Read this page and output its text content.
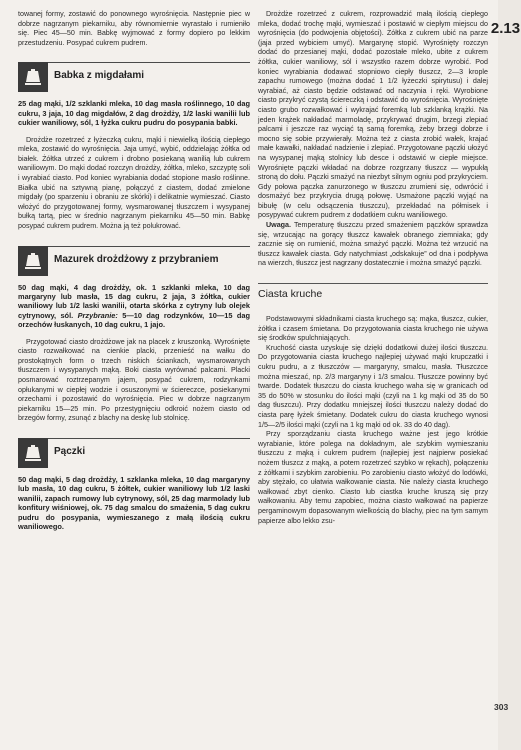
2.13

towanej formy, zostawić do ponownego wyrośnięcia. Następnie piec w dobrze nagrzanym piekarniku, aby równomiernie wyrastało i rumieniło się. Piec 45—50 min. Babkę wyjmować z formy dopiero po lekkim przestudzeniu. Posypać cukrem pudrem.

Babka z migdałami

25 dag mąki, 1/2 szklanki mleka, 10 dag masła roślinnego, 10 dag cukru, 3 jaja, 10 dag migdałów, 2 dag drożdży, 1/2 laski wanilii lub cukier waniliowy, sól, 1 łyżka cukru pudru do posypania babki.

Drożdże rozetrzeć z łyżeczką cukru, mąki i niewielką ilością ciepłego mleka, zostawić do wyrośnięcia. Jaja umyć, wybić, oddzielając żółtka od białek. Żółtka utrzeć z cukrem i drobno posiekaną wanilią lub cukrem waniliowym. Do mąki dodać rozczyn drożdży, żółtka, mleko, szczyptę soli i wyrabiać ciasto. Pod koniec wyrabiania dodać stopione masło roślinne. Białka ubić na sztywną pianę, połączyć z ciastem, dodać zmielone migdały (po sparzeniu i obraniu ze skórki) i delikatnie wymieszać. Ciasto włożyć do przygotowanej formy, wysmarowanej tłuszczem i wysypanej bułką tartą, piec w średnio nagrzanym piekarniku 45—50 min. Babkę posypać cukrem pudrem. Można ją też polukrować.

Mazurek drożdżowy z przybraniem

50 dag mąki, 4 dag drożdży, ok. 1 szklanki mleka, 10 dag margaryny lub masła, 15 dag cukru, 2 jaja, 3 żółtka, cukier waniliowy lub 1/2 laski wanilii, otarta skórka z cytryny lub olejek cytrynowy, sól. Przybranie: 5—10 dag rodzynków, 10—15 dag orzechów łuskanych, 10 dag cukru, 1 jajo.

Przygotować ciasto drożdżowe jak na placek z kruszonką. Wyrośnięte ciasto rozwałkować na cienkie placki, przenieść na wałku do prostokątnych form o trzech niskich ściankach, wysmarowanych tłuszczem i wysypanych mąką. Boki ciasta wyrównać palcami. Placki posmarować roztrzepanym jajem, posypać cukrem, rodzynkami opłukanymi w ciepłej wodzie i osuszonymi w ściereczce, posiekanymi orzechami i pozostawić do wyrośnięcia. Piec w dobrze nagrzanym piekarniku 15—25 min. Po przestygnięciu odkroić nożem ciasto od brzegów formy, zsunąć z blachy na deskę lub stolnicę.

Pączki

50 dag mąki, 5 dag drożdży, 1 szklanka mleka, 10 dag margaryny lub masła, 10 dag cukru, 5 żółtek, cukier waniliowy lub 1/2 laski wanilii, zapach rumowy lub cytrynowy, sól, 25 dag marmolady lub konfitury wiśniowej, ok. 75 dag smalcu do smażenia, 5 dag cukru pudru do posypania, wymieszanego z małą ilością cukru waniliowego.

Drożdże rozetrzeć z cukrem, rozprowadzić małą ilością ciepłego mleka, dodać trochę mąki, wymieszać i postawić w ciepłym miejscu do wyrośnięcia (do podwojenia objętości). Żółtka z cukrem ubić na parze (jaja przed wybiciem umyć). Margarynę stopić. Wyrośnięty rozczyn dodać do przesianej mąki, dodać pozostałe mleko, ubite z cukrem żółtka, cukier waniliowy, sól i wszystko razem dobrze wyrobić. Pod koniec wyrabiania dodawać stopniowo ciepły tłuszcz, 2—3 krople zapachu rumowego (można dodać 1 1/2 łyżeczki spirytusu) i dalej wyrabiać, aż ciasto będzie odstawać od naczynia i ręki. Wyrobione ciasto przykryć czystą ściereczką i odstawić do wyrośnięcia. Wyrośnięte ciasto grubo rozwałkować i wykrajać foremką lub szklanką krążki. Na jeden krążek nakładać marmoladę, przykrywać drugim, brzegi zlepiać palcami i jeszcze raz wyciąć tą samą foremką, żeby brzegi dobrze i mocno się sobie przywierały. Można też z ciasta zrobić wałek, krajać małe kawałki, nakładać nadzienie i zlepiać. Przygotowane pączki ułożyć na wysypanej mąką stolnicy lub desce i odstawić w ciepłe miejsce. Wyrośnięte pączki wkładać na dobrze rozgrzany tłuszcz — wypukłą stroną do dołu. Pączki smażyć na niezbyt silnym ogniu pod przykryciem. Gdy połowa pączka zanurzonego w tłuszczu zrumieni się, odwrócić i dosmażyć bez przykrycia drugą połowę. Usmażone pączki wyjąć na bibułę (w celu odsączenia tłuszczu), przekładać na półmisek i posypywać cukrem pudrem z dodatkiem cukru waniliowego.

Uwaga. Temperaturę tłuszczu przed smażeniem pączków sprawdza się, wrzucając na gorący tłuszcz kawałek obranego ziemniaka; gdy zacznie się on rumienić, można smażyć pączki. Można też wrzucić na tłuszcz kawałek ciasta. Gdy natychmiast „odskakuje” od dna i podpływa na wierzch, tłuszcz jest nagrzany dostatecznie i można smażyć pączki.

Ciasta kruche

Podstawowymi składnikami ciasta kruchego są: mąka, tłuszcz, cukier, żółtka i czasem śmietana. Do przygotowania ciasta kruchego nie używa się środków spulchniających.

Kruchość ciasta uzyskuje się dzięki dodatkowi dużej ilości tłuszczu. Do przygotowania ciasta kruchego najlepiej używać mąki krupczatki i cukru pudru, a z tłuszczów — margaryny, smalcu, masła. Tłuszczce można mieszać, np. 2/3 margaryny i 1/3 smalcu. Tłuszcze powinny być twarde. Dodatek tłuszczu do ciasta kruchego waha się w granicach od 35 do 50% w stosunku do ilości mąki (czyli na 1 kg mąki od 35 do 50 dag tłuszczu). Przy dodatku mniejszej ilości tłuszczu należy dodać do ciasta parę łyżek śmietany. Dodatek cukru do ciasta kruchego wynosi 1/5—2/5 ilości mąki (czyli na 1 kg mąki od ok. 33 do 40 dag).

Przy sporządzaniu ciasta kruchego ważne jest jego krótkie wyrabianie, które polega na dokładnym, ale szybkim wymieszaniu tłuszczu z mąką i cukrem pudrem (najlepiej jest najpierw posiekać nożem tłuszcz z mąką, a potem rozetrzeć szybko w rękach), połączeniu z żółtkami i szybkim zarobieniu. Po zarobieniu ciasto włożyć do lodówki, aby stężało, co ułatwia wałkowanie ciasta. Nie należy ciasta kruchego wałkować zbyt cienko. Ciasto lub ciastka kruche kruszą się przy wałkowaniu. Aby temu zapobiec, można ciasto wałkować na papierze pergaminowym dopasowanym wielkością do blachy, piec na tym samym papierze albo lekko zsu-

303
